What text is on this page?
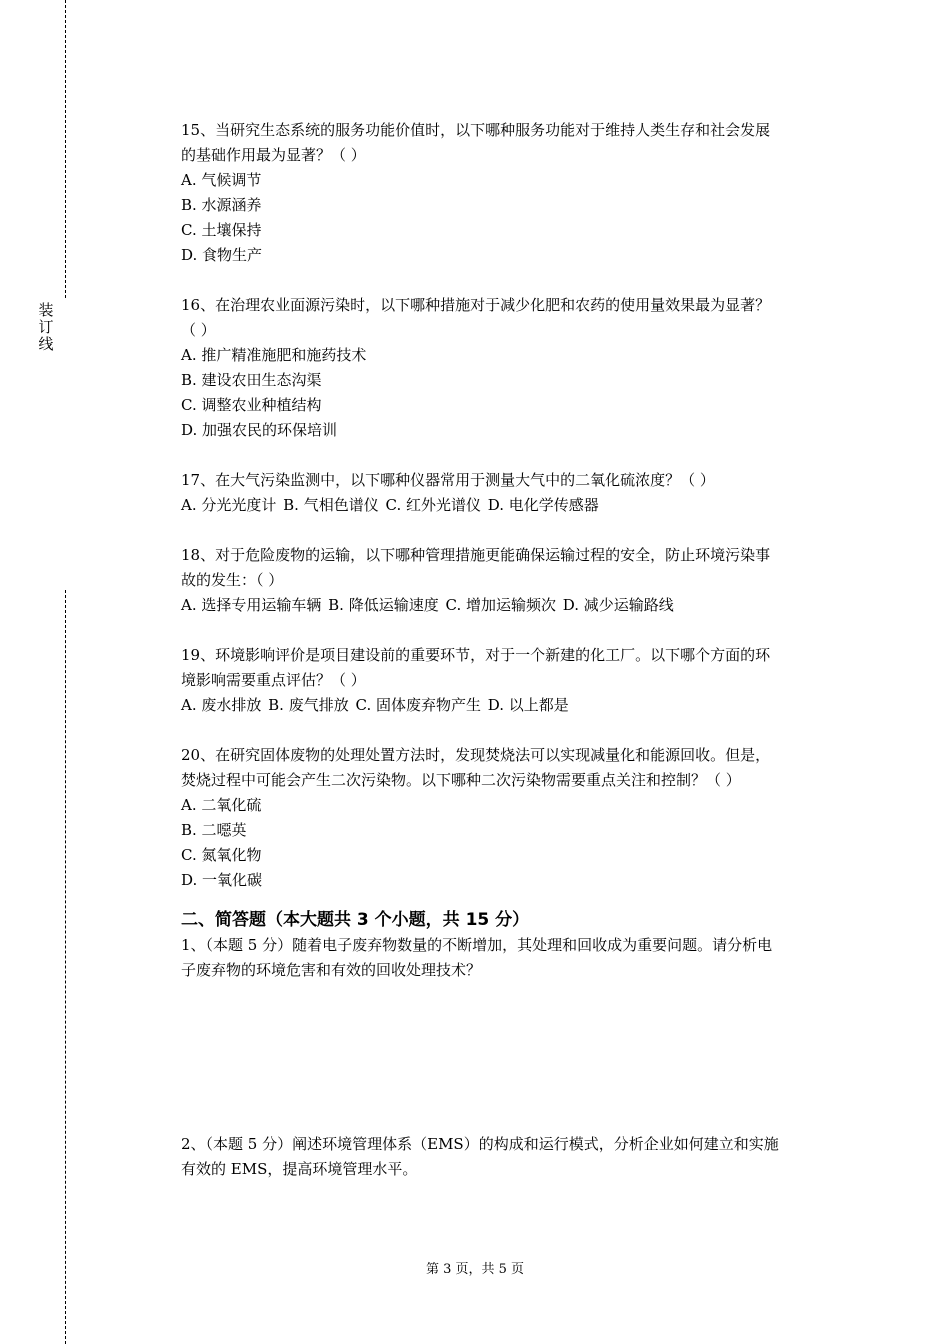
装
订
线

15、当研究生态系统的服务功能价值时，以下哪种服务功能对于维持人类生存和社会发展

的基础作用最为显著？（ ）

A. 气候调节

B. 水源涵养

C. 土壤保持

D. 食物生产

16、在治理农业面源污染时，以下哪种措施对于减少化肥和农药的使用量效果最为显著？

（ ）

A. 推广精准施肥和施药技术

B. 建设农田生态沟渠

C. 调整农业种植结构

D. 加强农民的环保培训

17、在大气污染监测中，以下哪种仪器常用于测量大气中的二氧化硫浓度？（ ）

A. 分光光度计 B. 气相色谱仪 C. 红外光谱仪 D. 电化学传感器

18、对于危险废物的运输，以下哪种管理措施更能确保运输过程的安全，防止环境污染事

故的发生：（ ）

A. 选择专用运输车辆 B. 降低运输速度 C. 增加运输频次 D. 减少运输路线

19、环境影响评价是项目建设前的重要环节，对于一个新建的化工厂。以下哪个方面的环

境影响需要重点评估？（ ）

A. 废水排放 B. 废气排放 C. 固体废弃物产生 D. 以上都是

20、在研究固体废物的处理处置方法时，发现焚烧法可以实现减量化和能源回收。但是，

焚烧过程中可能会产生二次污染物。以下哪种二次污染物需要重点关注和控制？（ ）

A. 二氧化硫

B. 二噁英

C. 氮氧化物

D. 一氧化碳

二、简答题（本大题共 3 个小题，共 15 分）

1、（本题 5 分）随着电子废弃物数量的不断增加，其处理和回收成为重要问题。请分析电

子废弃物的环境危害和有效的回收处理技术？

2、（本题 5 分）阐述环境管理体系（EMS）的构成和运行模式，分析企业如何建立和实施

有效的 EMS，提高环境管理水平。

第 3 页，共 5 页
